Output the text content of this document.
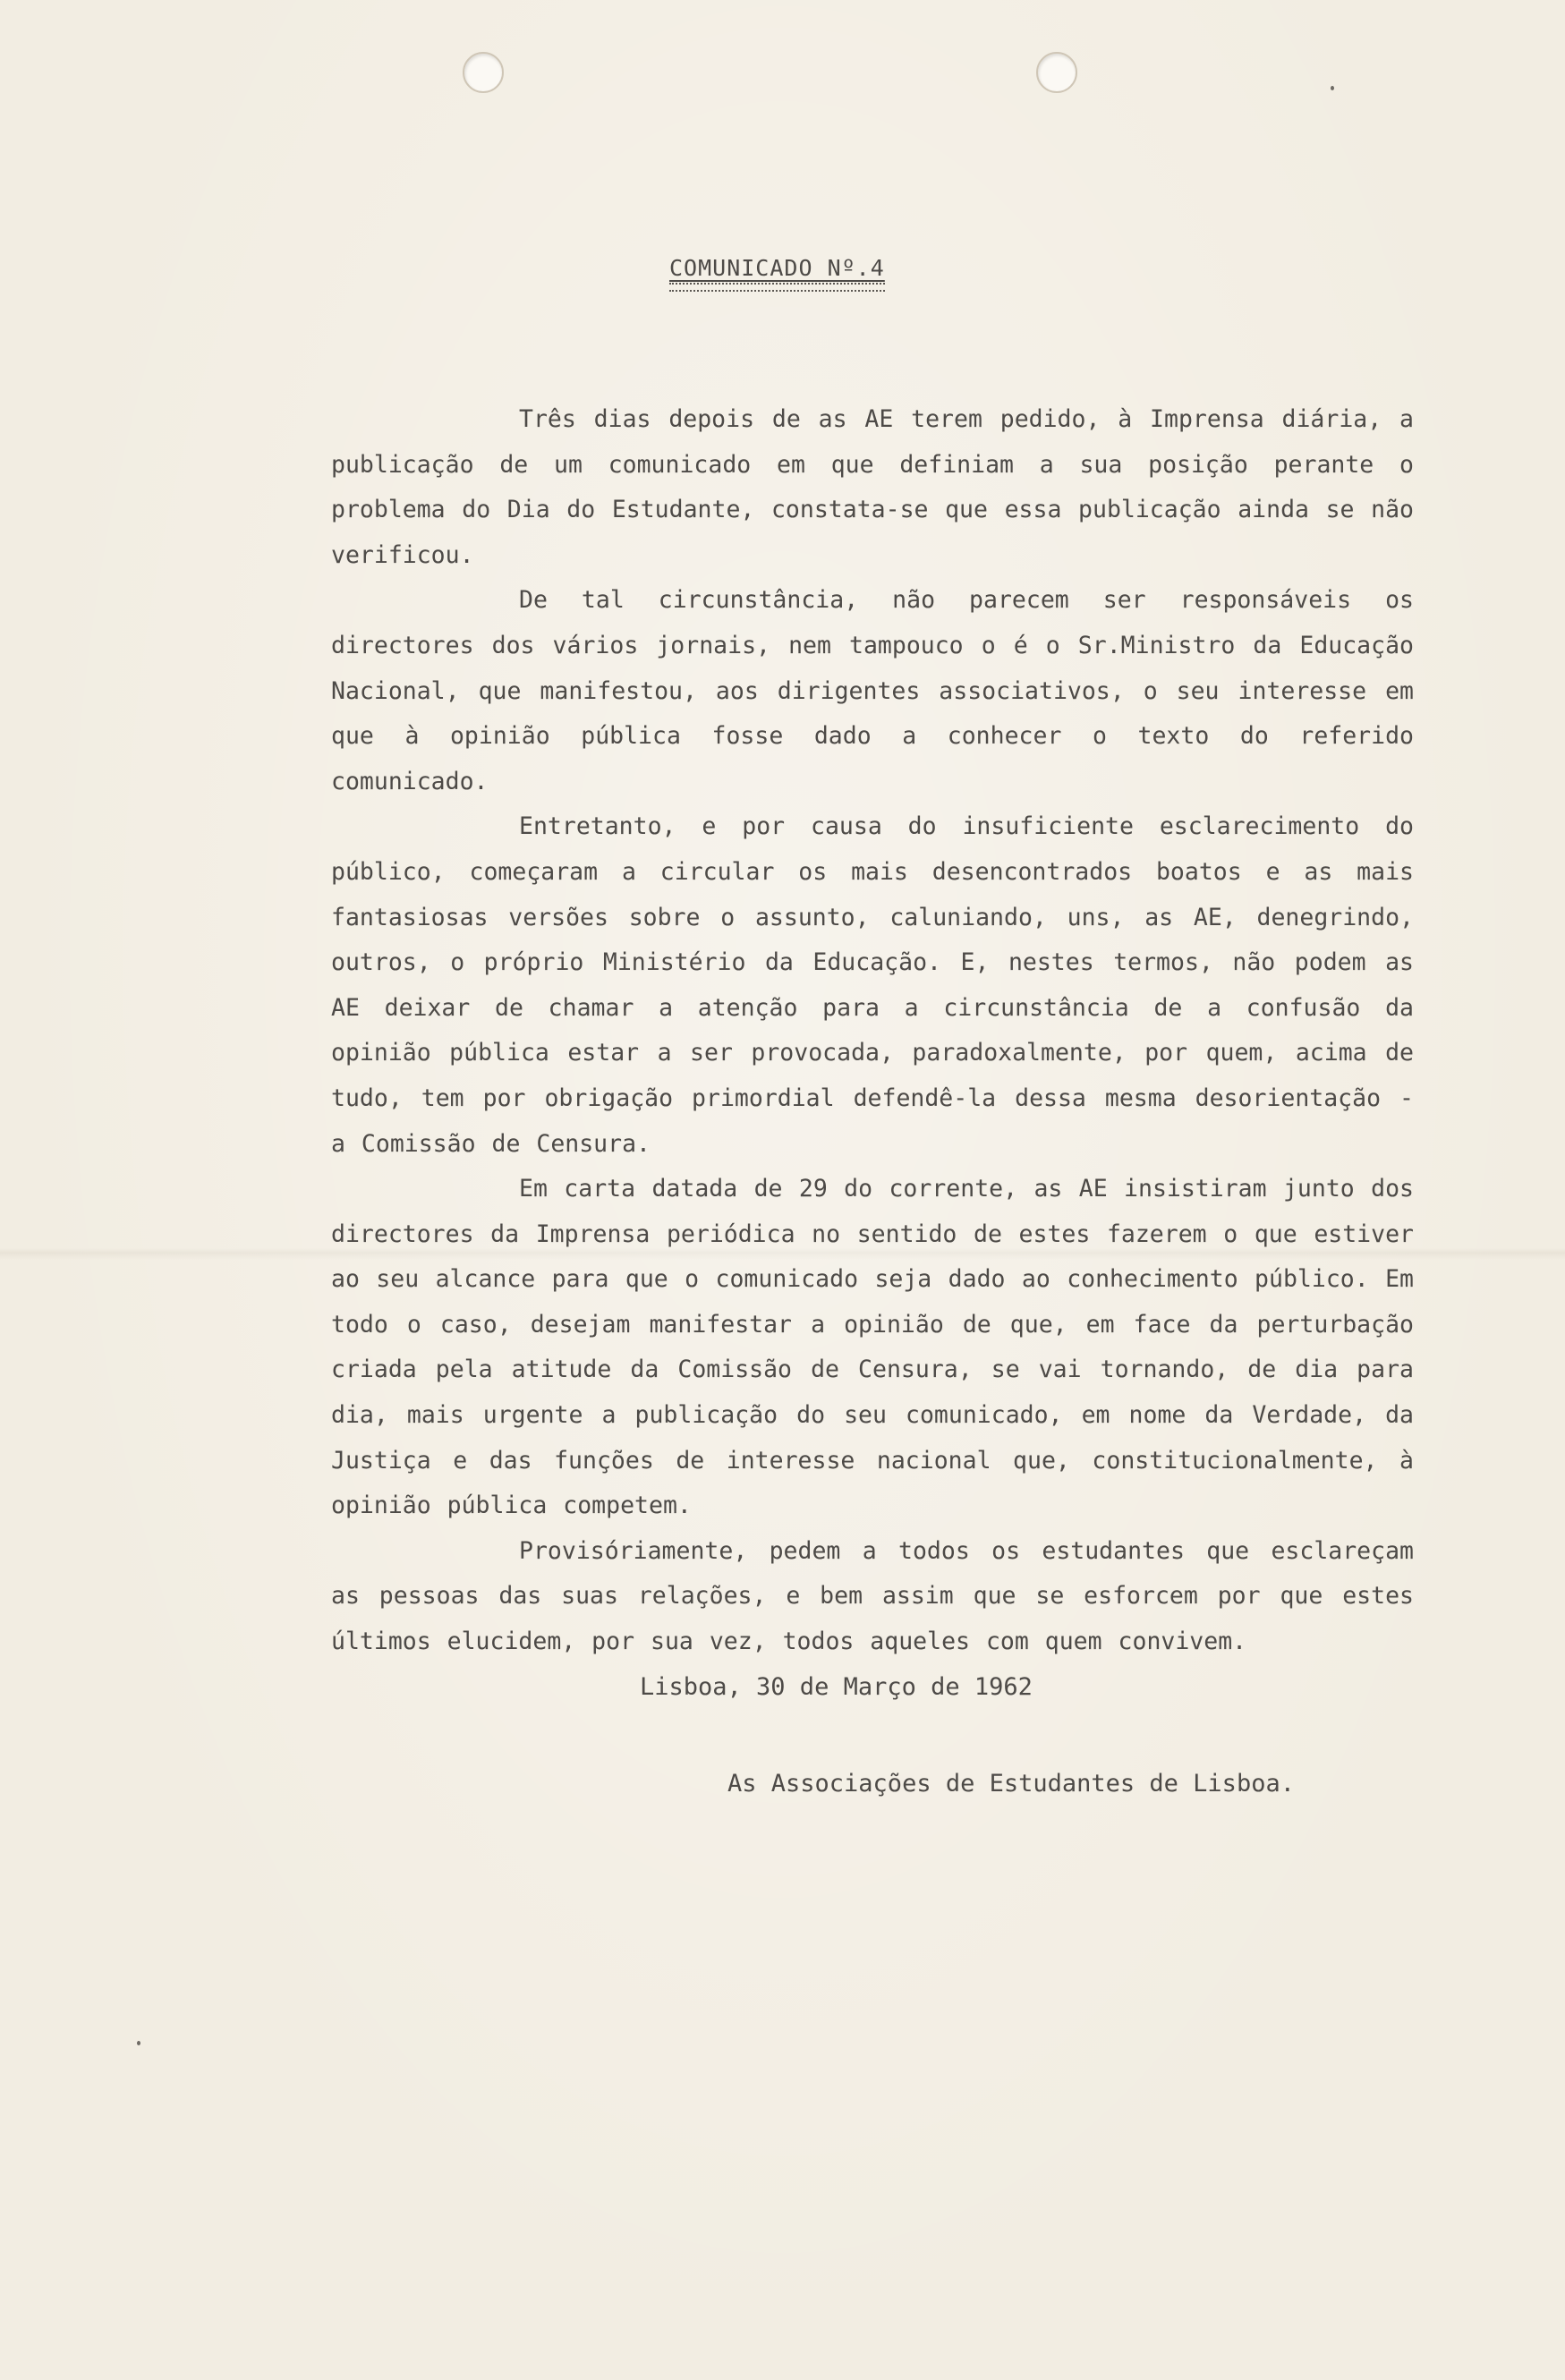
COMUNICADO Nº.4

Três dias depois de as AE terem pedido, à Imprensa diária, a publicação de um comunicado em que definiam a sua posição perante o problema do Dia do Estudante, constata-se que essa publicação ainda se não verificou.

De tal circunstância, não parecem ser responsáveis os directores dos vários jornais, nem tampouco o é o Sr.Ministro da Educação Nacional, que manifestou, aos dirigentes associativos, o seu interesse em que à opinião pública fosse dado a conhecer o texto do referido comunicado.

Entretanto, e por causa do insuficiente esclarecimento do público, começaram a circular os mais desencontrados boatos e as mais fantasiosas versões sobre o assunto, caluniando, uns, as AE, denegrindo, outros, o próprio Ministério da Educação. E, nestes termos, não podem as AE deixar de chamar a atenção para a circunstância de a confusão da opinião pública estar a ser provocada, paradoxalmente, por quem, acima de tudo, tem por obrigação primordial defendê-la dessa mesma desorientação - a Comissão de Censura.

Em carta datada de 29 do corrente, as AE insistiram junto dos directores da Imprensa periódica no sentido de estes fazerem o que estiver ao seu alcance para que o comunicado seja dado ao conhecimento público. Em todo o caso, desejam manifestar a opinião de que, em face da perturbação criada pela atitude da Comissão de Censura, se vai tornando, de dia para dia, mais urgente a publicação do seu comunicado, em nome da Verdade, da Justiça e das funções de interesse nacional que, constitucionalmente, à opinião pública competem.

Provisóriamente, pedem a todos os estudantes que esclareçam as pessoas das suas relações, e bem assim que se esforcem por que estes últimos elucidem, por sua vez, todos aqueles com quem convivem.

Lisboa, 30 de Março de 1962
As Associações de Estudantes de Lisboa.
